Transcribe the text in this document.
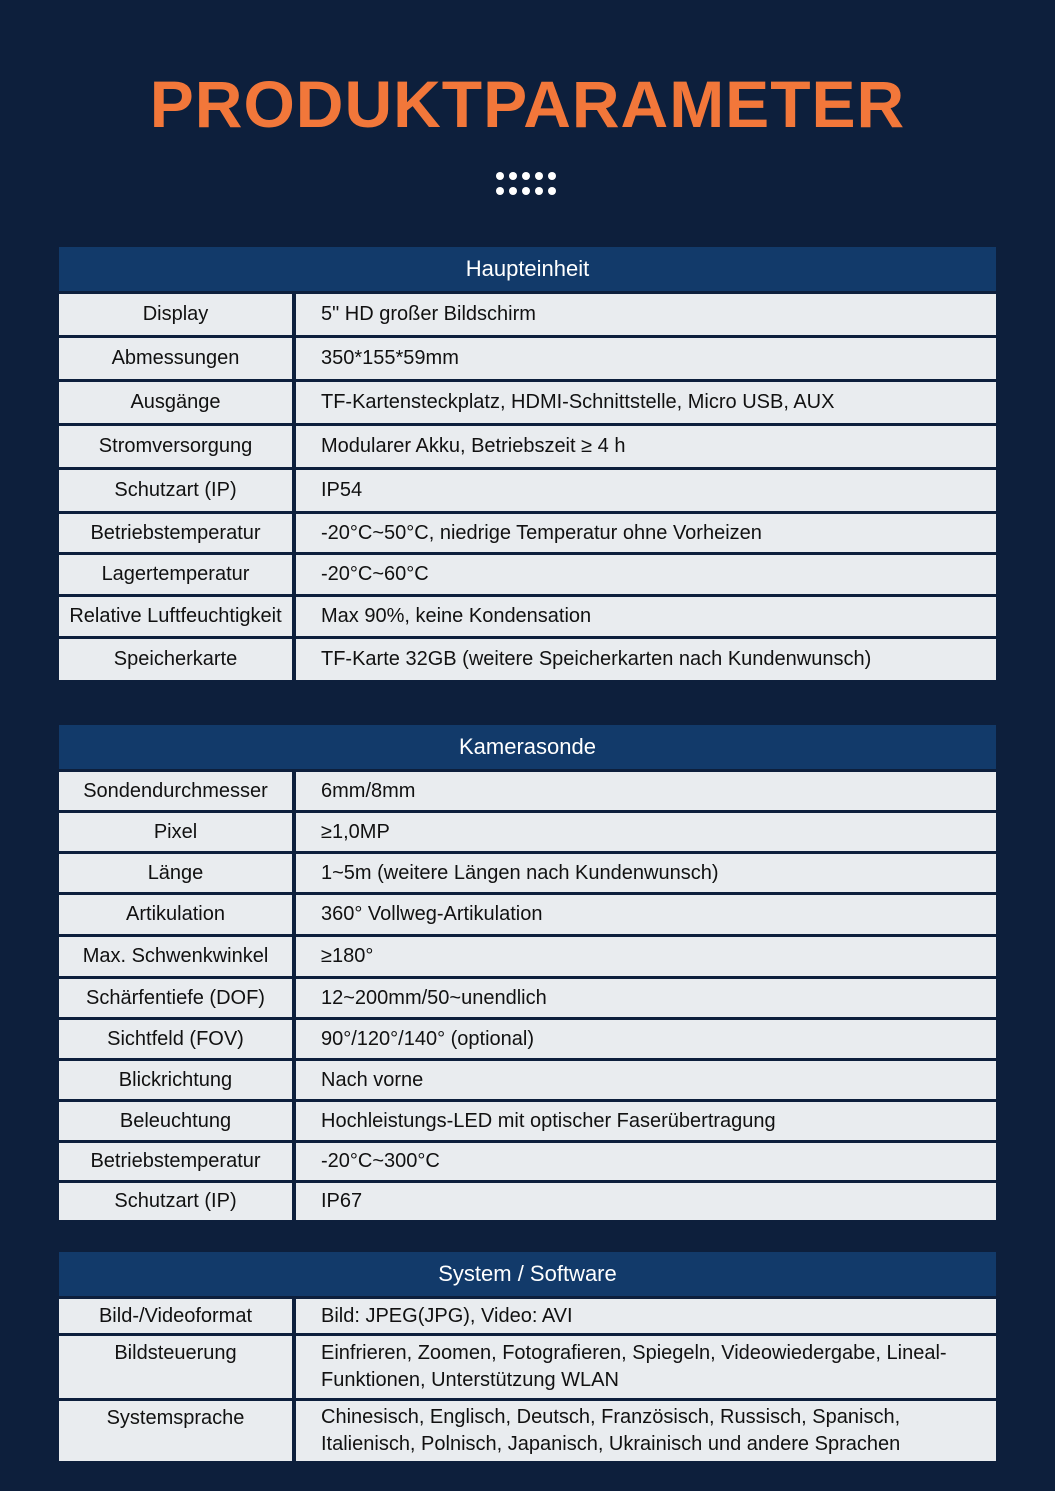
PRODUKTPARAMETER
Haupteinheit
Display	5" HD großer Bildschirm
Abmessungen	350*155*59mm
Ausgänge	TF-Kartensteckplatz, HDMI-Schnittstelle, Micro USB, AUX
Stromversorgung	Modularer Akku, Betriebszeit ≥ 4 h
Schutzart (IP)	IP54
Betriebstemperatur	-20°C~50°C, niedrige Temperatur ohne Vorheizen
Lagertemperatur	-20°C~60°C
Relative Luftfeuchtigkeit	Max 90%, keine Kondensation
Speicherkarte	TF-Karte 32GB (weitere Speicherkarten nach Kundenwunsch)
Kamerasonde
Sondendurchmesser	6mm/8mm
Pixel	≥1,0MP
Länge	1~5m (weitere Längen nach Kundenwunsch)
Artikulation	360° Vollweg-Artikulation
Max. Schwenkwinkel	≥180°
Schärfentiefe (DOF)	12~200mm/50~unendlich
Sichtfeld (FOV)	90°/120°/140° (optional)
Blickrichtung	Nach vorne
Beleuchtung	Hochleistungs-LED mit optischer Faserübertragung
Betriebstemperatur	-20°C~300°C
Schutzart (IP)	IP67
System / Software
Bild-/Videoformat	Bild: JPEG(JPG), Video: AVI
Bildsteuerung	Einfrieren, Zoomen, Fotografieren, Spiegeln, Videowiedergabe, Lineal-Funktionen, Unterstützung WLAN
Systemsprache	Chinesisch, Englisch, Deutsch, Französisch, Russisch, Spanisch, Italienisch, Polnisch, Japanisch, Ukrainisch und andere Sprachen
